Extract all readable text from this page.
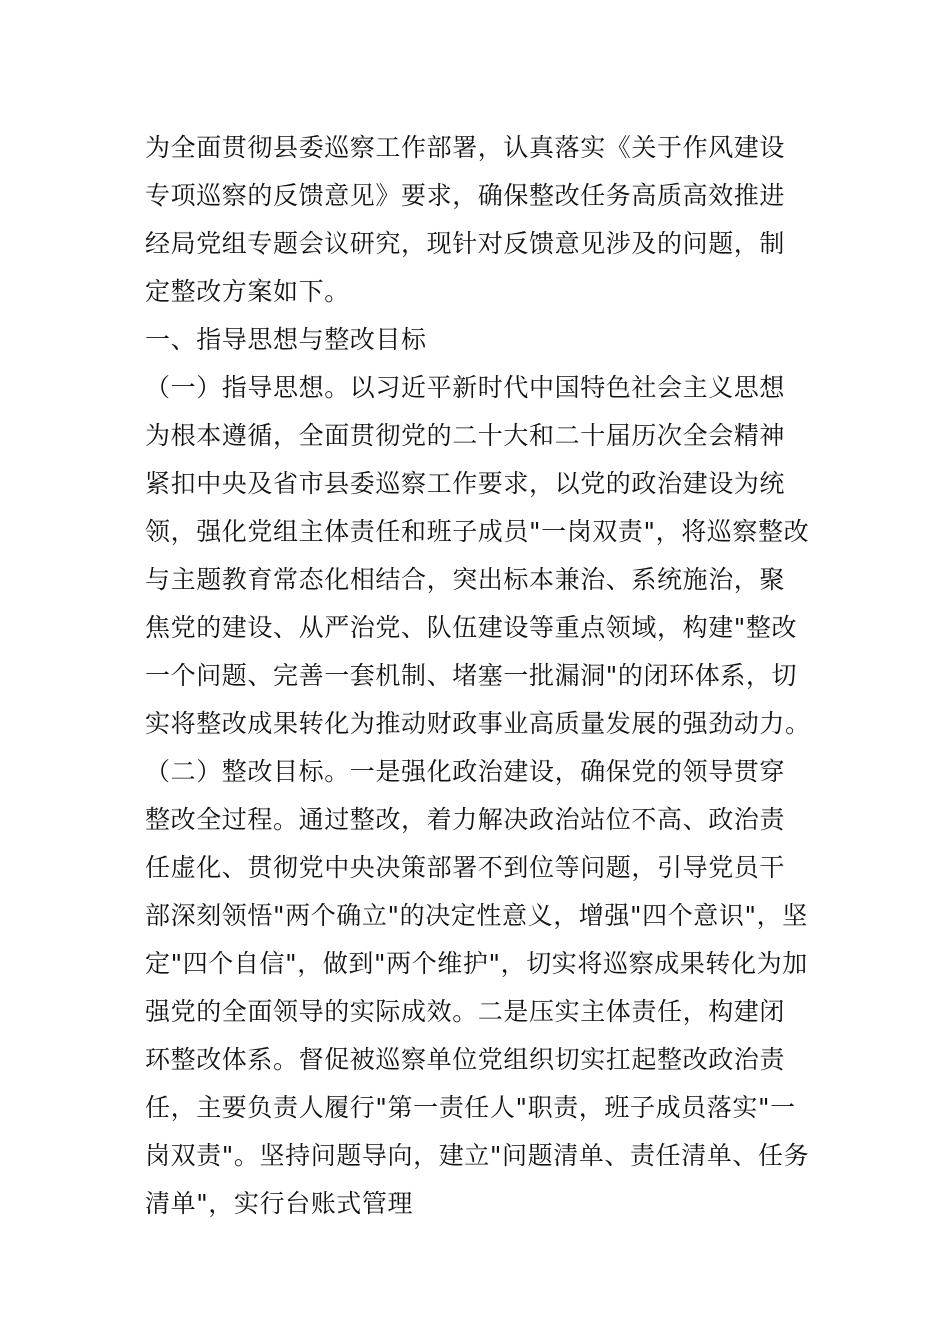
为全面贯彻县委巡察工作部署，认真落实《关于作风建设
专项巡察的反馈意见》要求，确保整改任务高质高效推进
经局党组专题会议研究，现针对反馈意见涉及的问题，制
定整改方案如下。
一、指导思想与整改目标
（一）指导思想。以习近平新时代中国特色社会主义思想
为根本遵循，全面贯彻党的二十大和二十届历次全会精神
紧扣中央及省市县委巡察工作要求，以党的政治建设为统
领，强化党组主体责任和班子成员"一岗双责"，将巡察整改
与主题教育常态化相结合，突出标本兼治、系统施治，聚
焦党的建设、从严治党、队伍建设等重点领域，构建"整改
一个问题、完善一套机制、堵塞一批漏洞"的闭环体系，切
实将整改成果转化为推动财政事业高质量发展的强劲动力。
（二）整改目标。一是强化政治建设，确保党的领导贯穿
整改全过程。通过整改，着力解决政治站位不高、政治责
任虚化、贯彻党中央决策部署不到位等问题，引导党员干
部深刻领悟"两个确立"的决定性意义，增强"四个意识"，坚
定"四个自信"，做到"两个维护"，切实将巡察成果转化为加
强党的全面领导的实际成效。二是压实主体责任，构建闭
环整改体系。督促被巡察单位党组织切实扛起整改政治责
任，主要负责人履行"第一责任人"职责，班子成员落实"一
岗双责"。坚持问题导向，建立"问题清单、责任清单、任务
清单"，实行台账式管理
